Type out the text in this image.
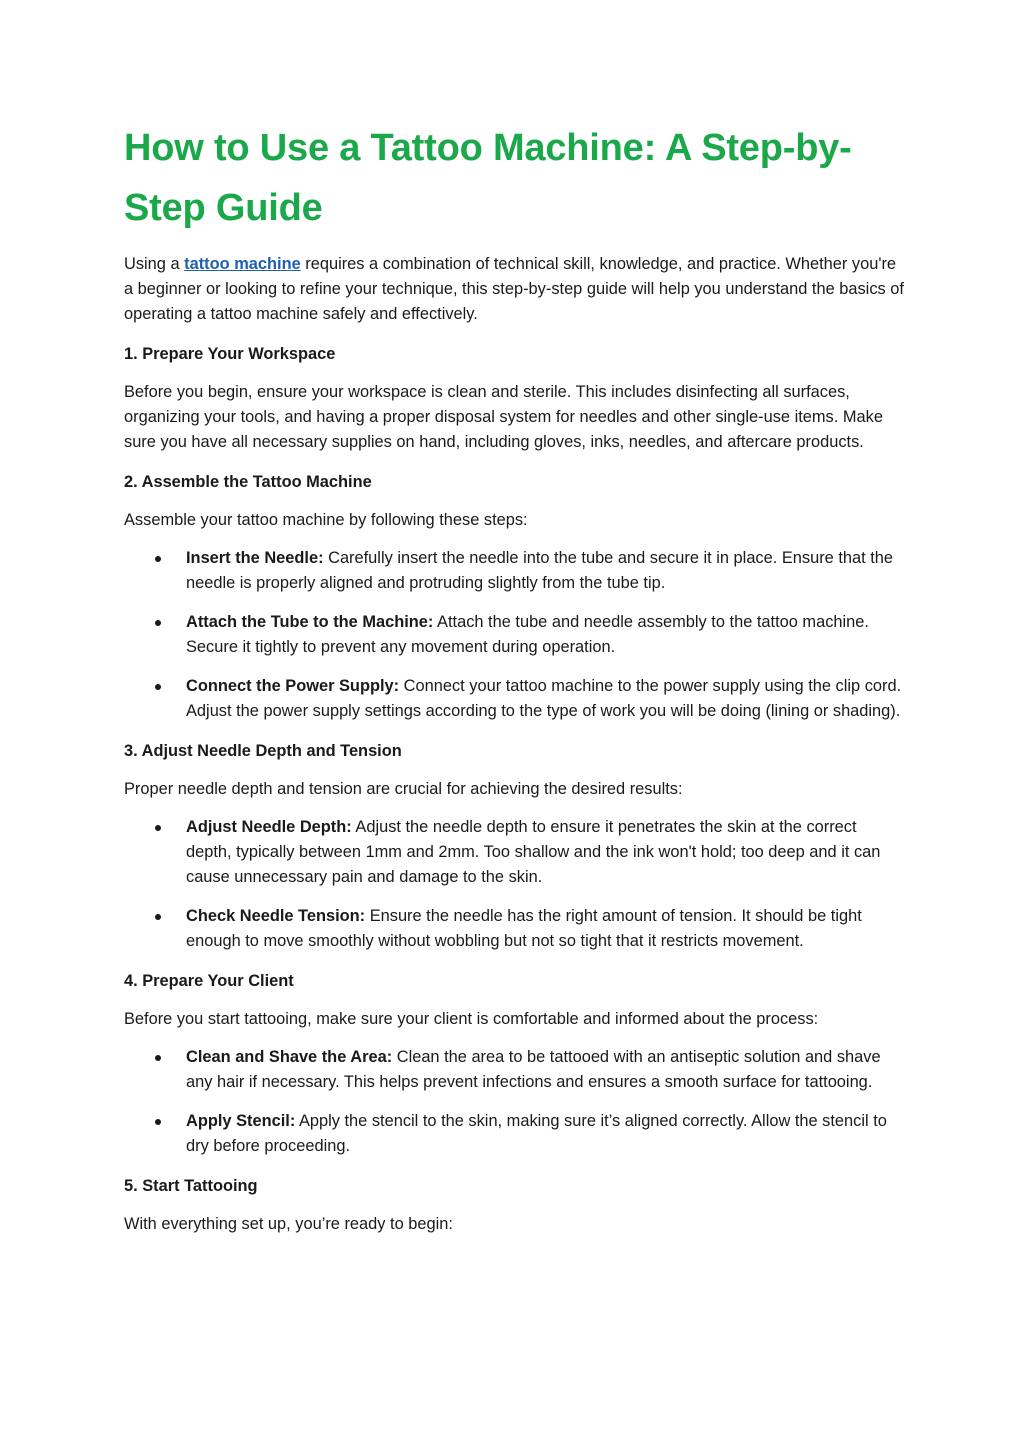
How to Use a Tattoo Machine: A Step-by-Step Guide

Using a tattoo machine requires a combination of technical skill, knowledge, and practice. Whether you're a beginner or looking to refine your technique, this step-by-step guide will help you understand the basics of operating a tattoo machine safely and effectively.

1. Prepare Your Workspace

Before you begin, ensure your workspace is clean and sterile. This includes disinfecting all surfaces, organizing your tools, and having a proper disposal system for needles and other single-use items. Make sure you have all necessary supplies on hand, including gloves, inks, needles, and aftercare products.

2. Assemble the Tattoo Machine

Assemble your tattoo machine by following these steps:

Insert the Needle: Carefully insert the needle into the tube and secure it in place. Ensure that the needle is properly aligned and protruding slightly from the tube tip.
Attach the Tube to the Machine: Attach the tube and needle assembly to the tattoo machine. Secure it tightly to prevent any movement during operation.
Connect the Power Supply: Connect your tattoo machine to the power supply using the clip cord. Adjust the power supply settings according to the type of work you will be doing (lining or shading).

3. Adjust Needle Depth and Tension

Proper needle depth and tension are crucial for achieving the desired results:

Adjust Needle Depth: Adjust the needle depth to ensure it penetrates the skin at the correct depth, typically between 1mm and 2mm. Too shallow and the ink won't hold; too deep and it can cause unnecessary pain and damage to the skin.
Check Needle Tension: Ensure the needle has the right amount of tension. It should be tight enough to move smoothly without wobbling but not so tight that it restricts movement.

4. Prepare Your Client

Before you start tattooing, make sure your client is comfortable and informed about the process:

Clean and Shave the Area: Clean the area to be tattooed with an antiseptic solution and shave any hair if necessary. This helps prevent infections and ensures a smooth surface for tattooing.
Apply Stencil: Apply the stencil to the skin, making sure it’s aligned correctly. Allow the stencil to dry before proceeding.

5. Start Tattooing

With everything set up, you’re ready to begin:
